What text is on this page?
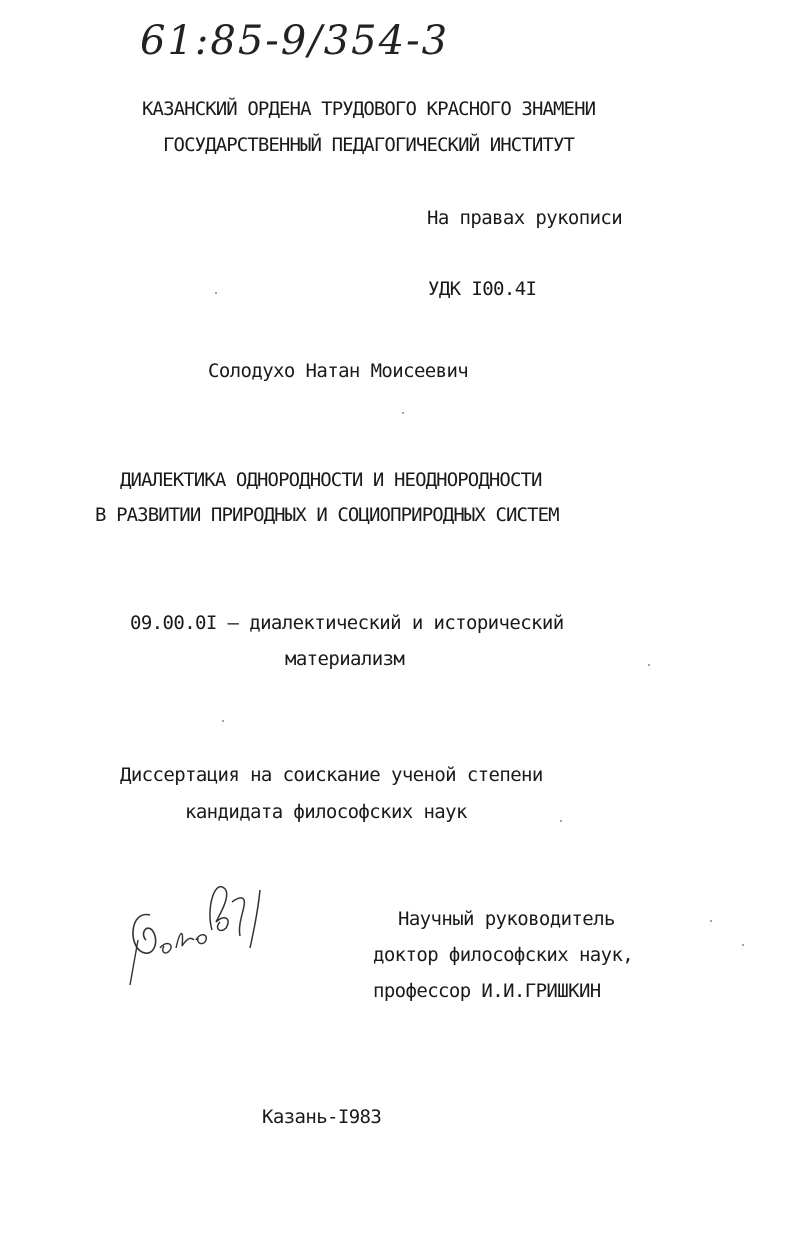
61:85-9/354-3
КАЗАНСКИЙ ОРДЕНА ТРУДОВОГО КРАСНОГО ЗНАМЕНИ
ГОСУДАРСТВЕННЫЙ ПЕДАГОГИЧЕСКИЙ ИНСТИТУТ
На правах рукописи
УДК I00.4I
Солодухо Натан Моисеевич
ДИАЛЕКТИКА ОДНОРОДНОСТИ И НЕОДНОРОДНОСТИ
В РАЗВИТИИ ПРИРОДНЫХ И СОЦИОПРИРОДНЫХ СИСТЕМ
09.00.0I – диалектический и исторический
материализм
Диссертация на соискание ученой степени
кандидата философских наук
Научный руководитель
доктор философских наук,
профессор И.И.ГРИШКИН
Казань-I983
